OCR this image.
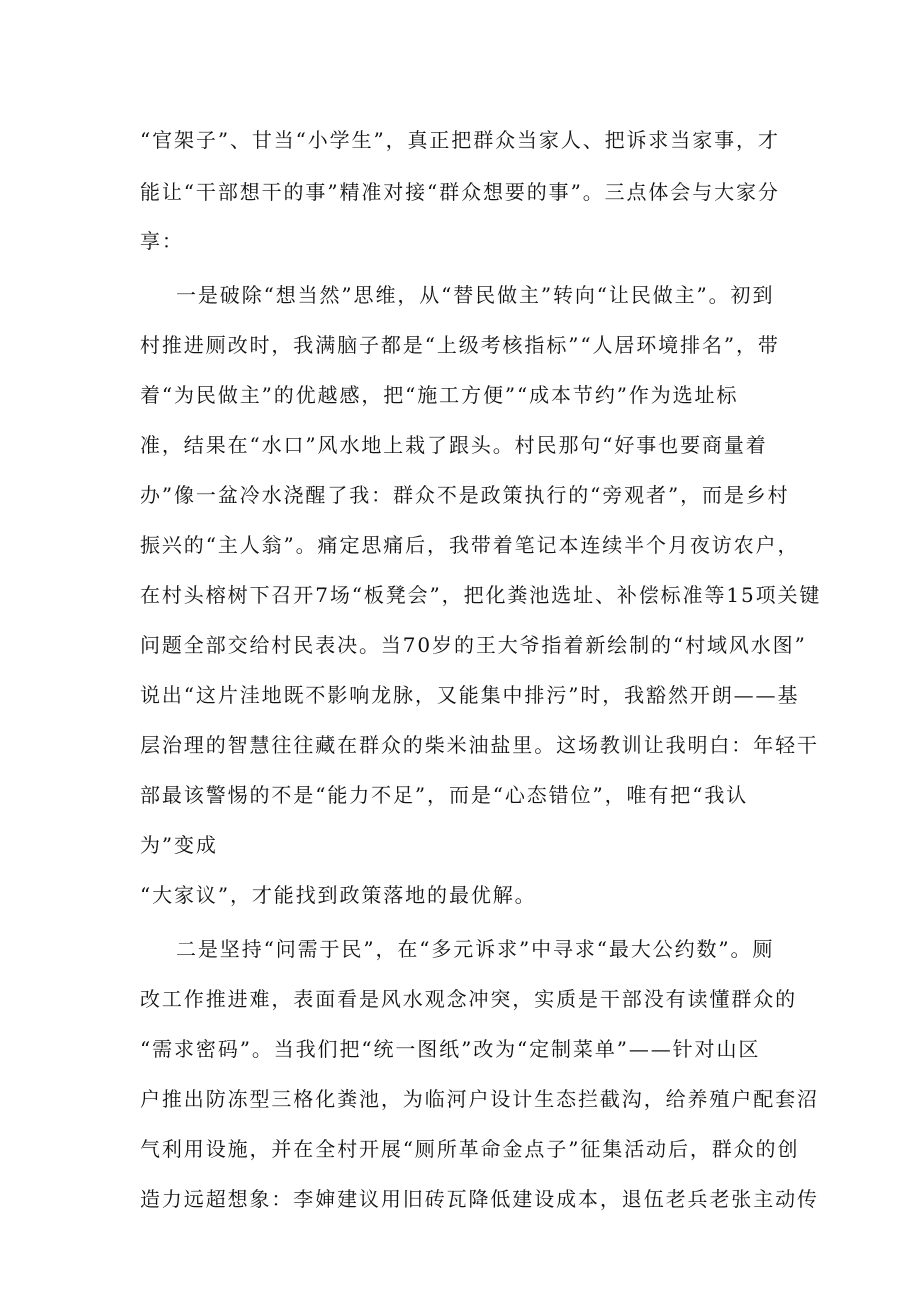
“官架子”、甘当“小学生”，真正把群众当家人、把诉求当家事，才
能让“干部想干的事”精准对接“群众想要的事”。三点体会与大家分
享：
一是破除“想当然”思维，从“替民做主”转向“让民做主”。初到
村推进厕改时，我满脑子都是“上级考核指标”“人居环境排名”，带
着“为民做主”的优越感，把“施工方便”“成本节约”作为选址标
准，结果在“水口”风水地上栽了跟头。村民那句“好事也要商量着
办”像一盆冷水浇醒了我：群众不是政策执行的“旁观者”，而是乡村
振兴的“主人翁”。痛定思痛后，我带着笔记本连续半个月夜访农户，
在村头榕树下召开7场“板凳会”，把化粪池选址、补偿标准等15项关键
问题全部交给村民表决。当70岁的王大爷指着新绘制的“村域风水图”
说出“这片洼地既不影响龙脉，又能集中排污”时，我豁然开朗——基
层治理的智慧往往藏在群众的柴米油盐里。这场教训让我明白：年轻干
部最该警惕的不是“能力不足”，而是“心态错位”，唯有把“我认
为”变成
“大家议”，才能找到政策落地的最优解。
二是坚持“问需于民”，在“多元诉求”中寻求“最大公约数”。厕
改工作推进难，表面看是风水观念冲突，实质是干部没有读懂群众的
“需求密码”。当我们把“统一图纸”改为“定制菜单”——针对山区
户推出防冻型三格化粪池，为临河户设计生态拦截沟，给养殖户配套沼
气利用设施，并在全村开展“厕所革命金点子”征集活动后，群众的创
造力远超想象：李婶建议用旧砖瓦降低建设成本，退伍老兵老张主动传
